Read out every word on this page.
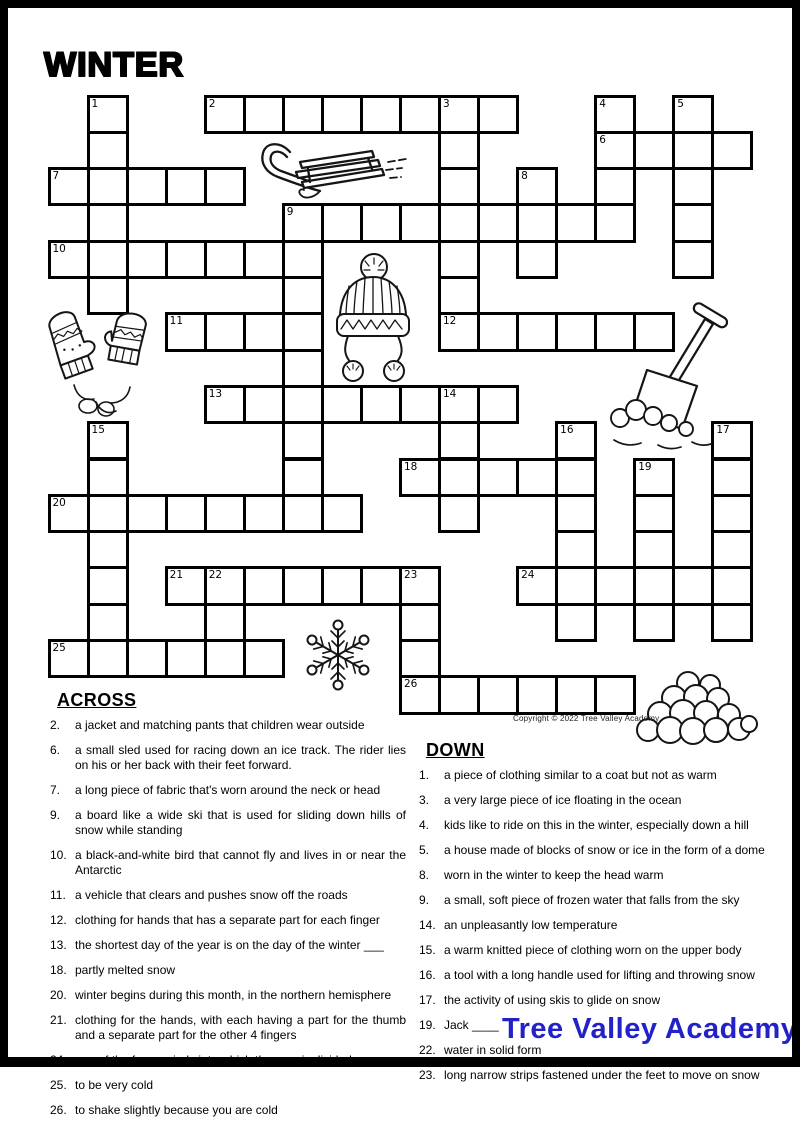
WINTER
1	2	3	4	5
6
7	8
9
10
11	12
13	14
15	16	17
18	19
20
21 22	23	24
25
26
Copyright © 2022 Tree Valley Academy
ACROSS
2.	a jacket and matching pants that children wear outside
6.	a small sled used for racing down an ice track. The rider lies on his or her back with their feet forward.
7.	a long piece of fabric that's worn around the neck or head
9.	a board like a wide ski that is used for sliding down hills of snow while standing
10. a black-and-white bird that cannot fly and lives in or near the Antarctic
11. a vehicle that clears and pushes snow off the roads
12. clothing for hands that has a separate part for each finger
13. the shortest day of the year is on the day of the winter ___
18. partly melted snow
20. winter begins during this month, in the northern hemisphere
21. clothing for the hands, with each having a part for the thumb and a separate part for the other 4 fingers
24. one of the four periods into which the year is divided
25. to be very cold
26. to shake slightly because you are cold
DOWN
1.	a piece of clothing similar to a coat but not as warm
3.	a very large piece of ice floating in the ocean
4.	kids like to ride on this in the winter, especially down a hill
5.	a house made of blocks of snow or ice in the form of a dome
8.	worn in the winter to keep the head warm
9.	a small, soft piece of frozen water that falls from the sky
14. an unpleasantly low temperature
15. a warm knitted piece of clothing worn on the upper body
16. a tool with a long handle used for lifting and throwing snow
17. the activity of using skis to glide on snow
19. Jack ____
22. water in solid form
23. long narrow strips fastened under the feet to move on snow
Tree Valley Academy
